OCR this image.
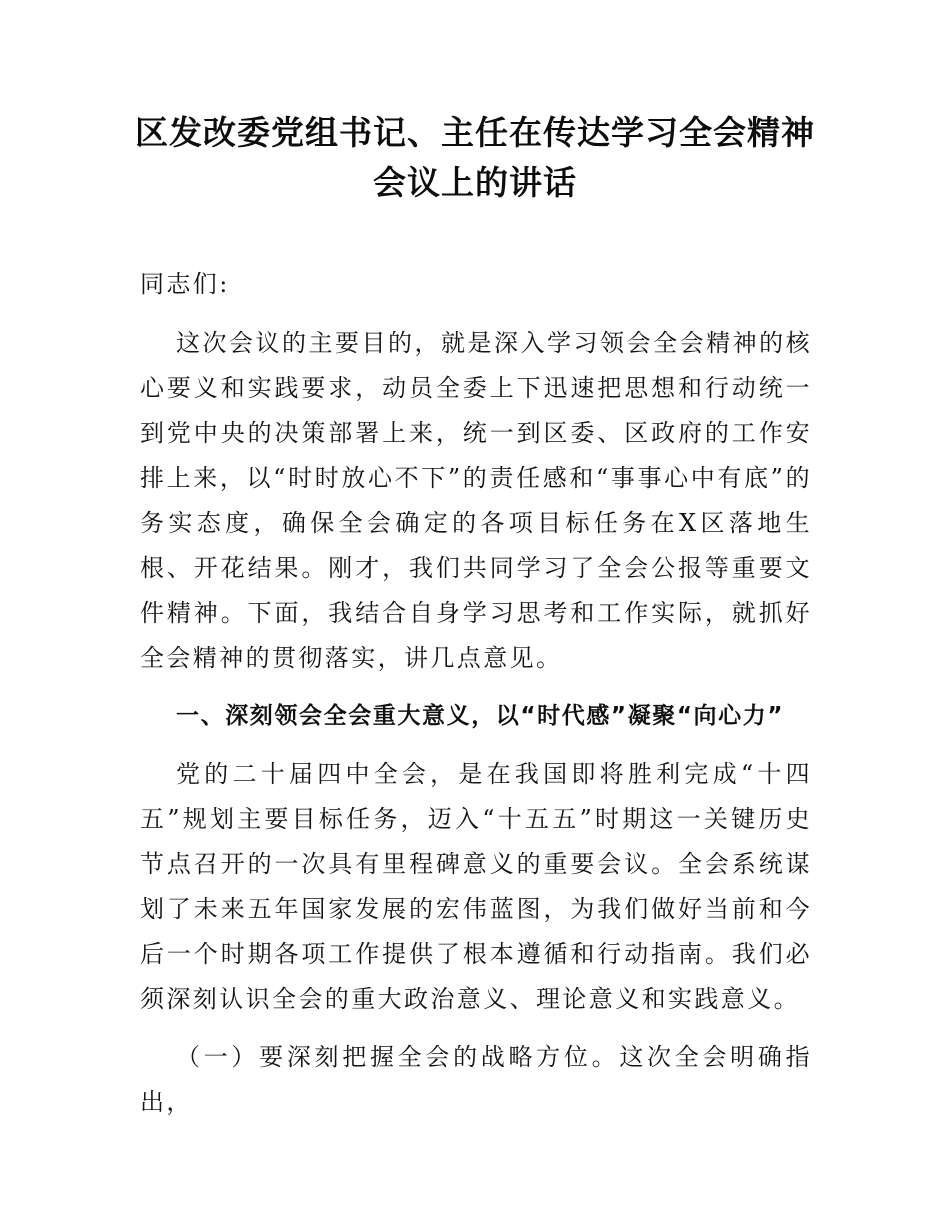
区发改委党组书记、主任在传达学习全会精神会议上的讲话

同志们:

这次会议的主要目的，就是深入学习领会全会精神的核心要义和实践要求，动员全委上下迅速把思想和行动统一到党中央的决策部署上来，统一到区委、区政府的工作安排上来，以“时时放心不下”的责任感和“事事心中有底”的务实态度，确保全会确定的各项目标任务在X区落地生根、开花结果。刚才，我们共同学习了全会公报等重要文件精神。下面，我结合自身学习思考和工作实际，就抓好全会精神的贯彻落实，讲几点意见。

一、深刻领会全会重大意义，以“时代感”凝聚“向心力”

党的二十届四中全会，是在我国即将胜利完成“十四五”规划主要目标任务，迈入“十五五”时期这一关键历史节点召开的一次具有里程碑意义的重要会议。全会系统谋划了未来五年国家发展的宏伟蓝图，为我们做好当前和今后一个时期各项工作提供了根本遵循和行动指南。我们必须深刻认识全会的重大政治意义、理论意义和实践意义。

（一）要深刻把握全会的战略方位。这次全会明确指出，
